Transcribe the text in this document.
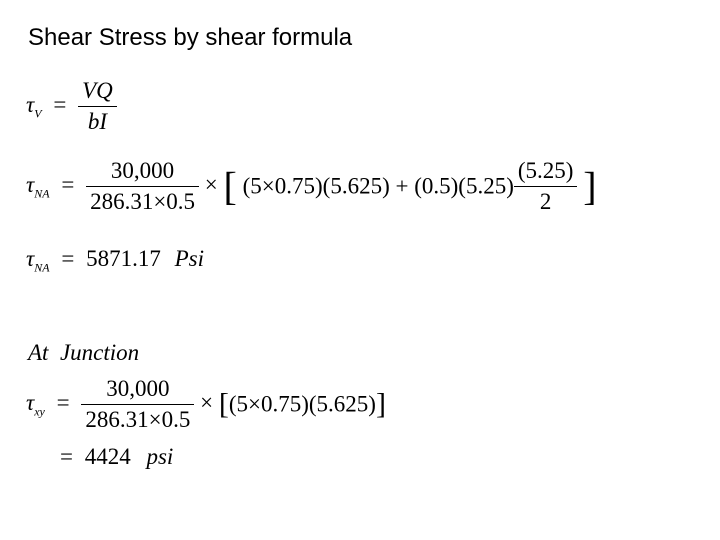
Shear Stress by shear formula
$\tau_V = \frac{VQ}{bI}$
$\tau_{NA} = \frac{30,000}{286.31\times 0.5}$ × [ $(5\times 0.75)(5.625) + (0.5)(5.25) \frac{(5.25)}{2}$ ]
$\tau_{NA} = 5871.17$ Psi
At  Junction
$\tau_{xy} = \frac{30,000}{286.31\times 0.5} \times [(5\times 0.75)(5.625)]$
= 4424 psi
